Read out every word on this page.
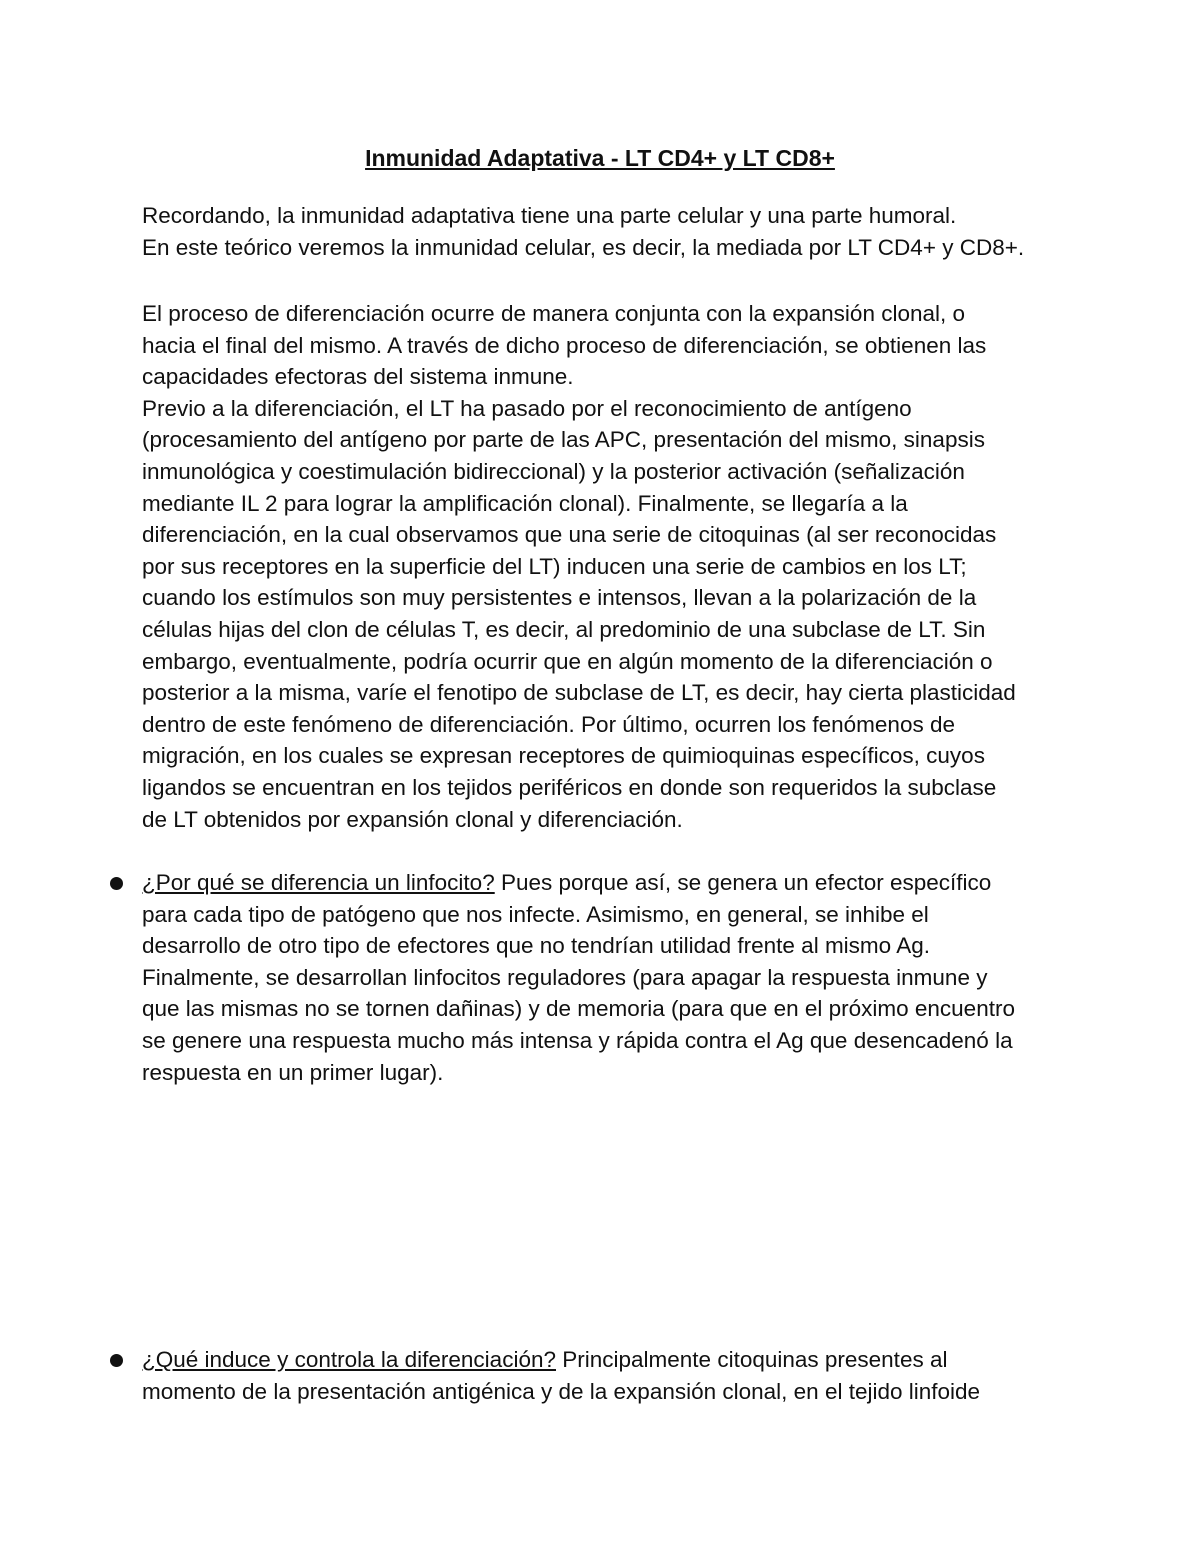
Inmunidad Adaptativa - LT CD4+ y LT CD8+
Recordando, la inmunidad adaptativa tiene una parte celular y una parte humoral.
En este teórico veremos la inmunidad celular, es decir, la mediada por LT CD4+ y CD8+.
El proceso de diferenciación ocurre de manera conjunta con la expansión clonal, o
hacia el final del mismo. A través de dicho proceso de diferenciación, se obtienen las
capacidades efectoras del sistema inmune.
Previo a la diferenciación, el LT ha pasado por el reconocimiento de antígeno
(procesamiento del antígeno por parte de las APC, presentación del mismo, sinapsis
inmunológica y coestimulación bidireccional) y la posterior activación (señalización
mediante IL 2 para lograr la amplificación clonal). Finalmente, se llegaría a la
diferenciación, en la cual observamos que una serie de citoquinas (al ser reconocidas
por sus receptores en la superficie del LT) inducen una serie de cambios en los LT;
cuando los estímulos son muy persistentes e intensos, llevan a la polarización de la
células hijas del clon de células T, es decir, al predominio de una subclase de LT. Sin
embargo, eventualmente, podría ocurrir que en algún momento de la diferenciación o
posterior a la misma, varíe el fenotipo de subclase de LT, es decir, hay cierta plasticidad
dentro de este fenómeno de diferenciación. Por último, ocurren los fenómenos de
migración, en los cuales se expresan receptores de quimioquinas específicos, cuyos
ligandos se encuentran en los tejidos periféricos en donde son requeridos la subclase
de LT obtenidos por expansión clonal y diferenciación.
¿Por qué se diferencia un linfocito? Pues porque así, se genera un efector específico
para cada tipo de patógeno que nos infecte. Asimismo, en general, se inhibe el
desarrollo de otro tipo de efectores que no tendrían utilidad frente al mismo Ag.
Finalmente, se desarrollan linfocitos reguladores (para apagar la respuesta inmune y
que las mismas no se tornen dañinas) y de memoria (para que en el próximo encuentro
se genere una respuesta mucho más intensa y rápida contra el Ag que desencadenó la
respuesta en un primer lugar).
¿Qué induce y controla la diferenciación? Principalmente citoquinas presentes al
momento de la presentación antigénica y de la expansión clonal, en el tejido linfoide
